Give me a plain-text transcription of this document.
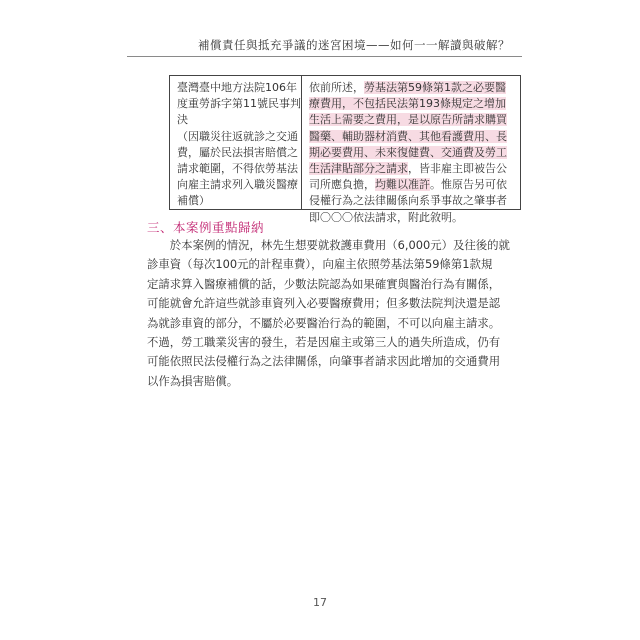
補償責任與抵充爭議的迷宮困境——如何一一解讀與破解？
臺灣臺中地方法院106年
度重勞訴字第11號民事判
決
（因職災往返就診之交通
費，屬於民法損害賠償之
請求範圍，不得依勞基法
向雇主請求列入職災醫療
補償）
依前所述，勞基法第59條第1款之必要醫療費用，不包括民法第193條規定之增加生活上需要之費用，是以原告所請求購買醫藥、輔助器材消費、其他看護費用、長期必要費用、未來復健費、交通費及勞工生活津貼部分之請求，皆非雇主即被告公司所應負擔，均難以准許。惟原告另可依侵權行為之法律關係向系爭事故之肇事者即〇〇〇依法請求，附此敘明。
三、本案例重點歸納
　　於本案例的情況，林先生想要就救護車費用（6,000元）及往後的就
診車資（每次100元的計程車費），向雇主依照勞基法第59條第1款規
定請求算入醫療補償的話，少數法院認為如果確實與醫治行為有關係，
可能就會允許這些就診車資列入必要醫療費用；但多數法院判決還是認
為就診車資的部分，不屬於必要醫治行為的範圍，不可以向雇主請求。
不過，勞工職業災害的發生，若是因雇主或第三人的過失所造成，仍有
可能依照民法侵權行為之法律關係，向肇事者請求因此增加的交通費用
以作為損害賠償。
17
